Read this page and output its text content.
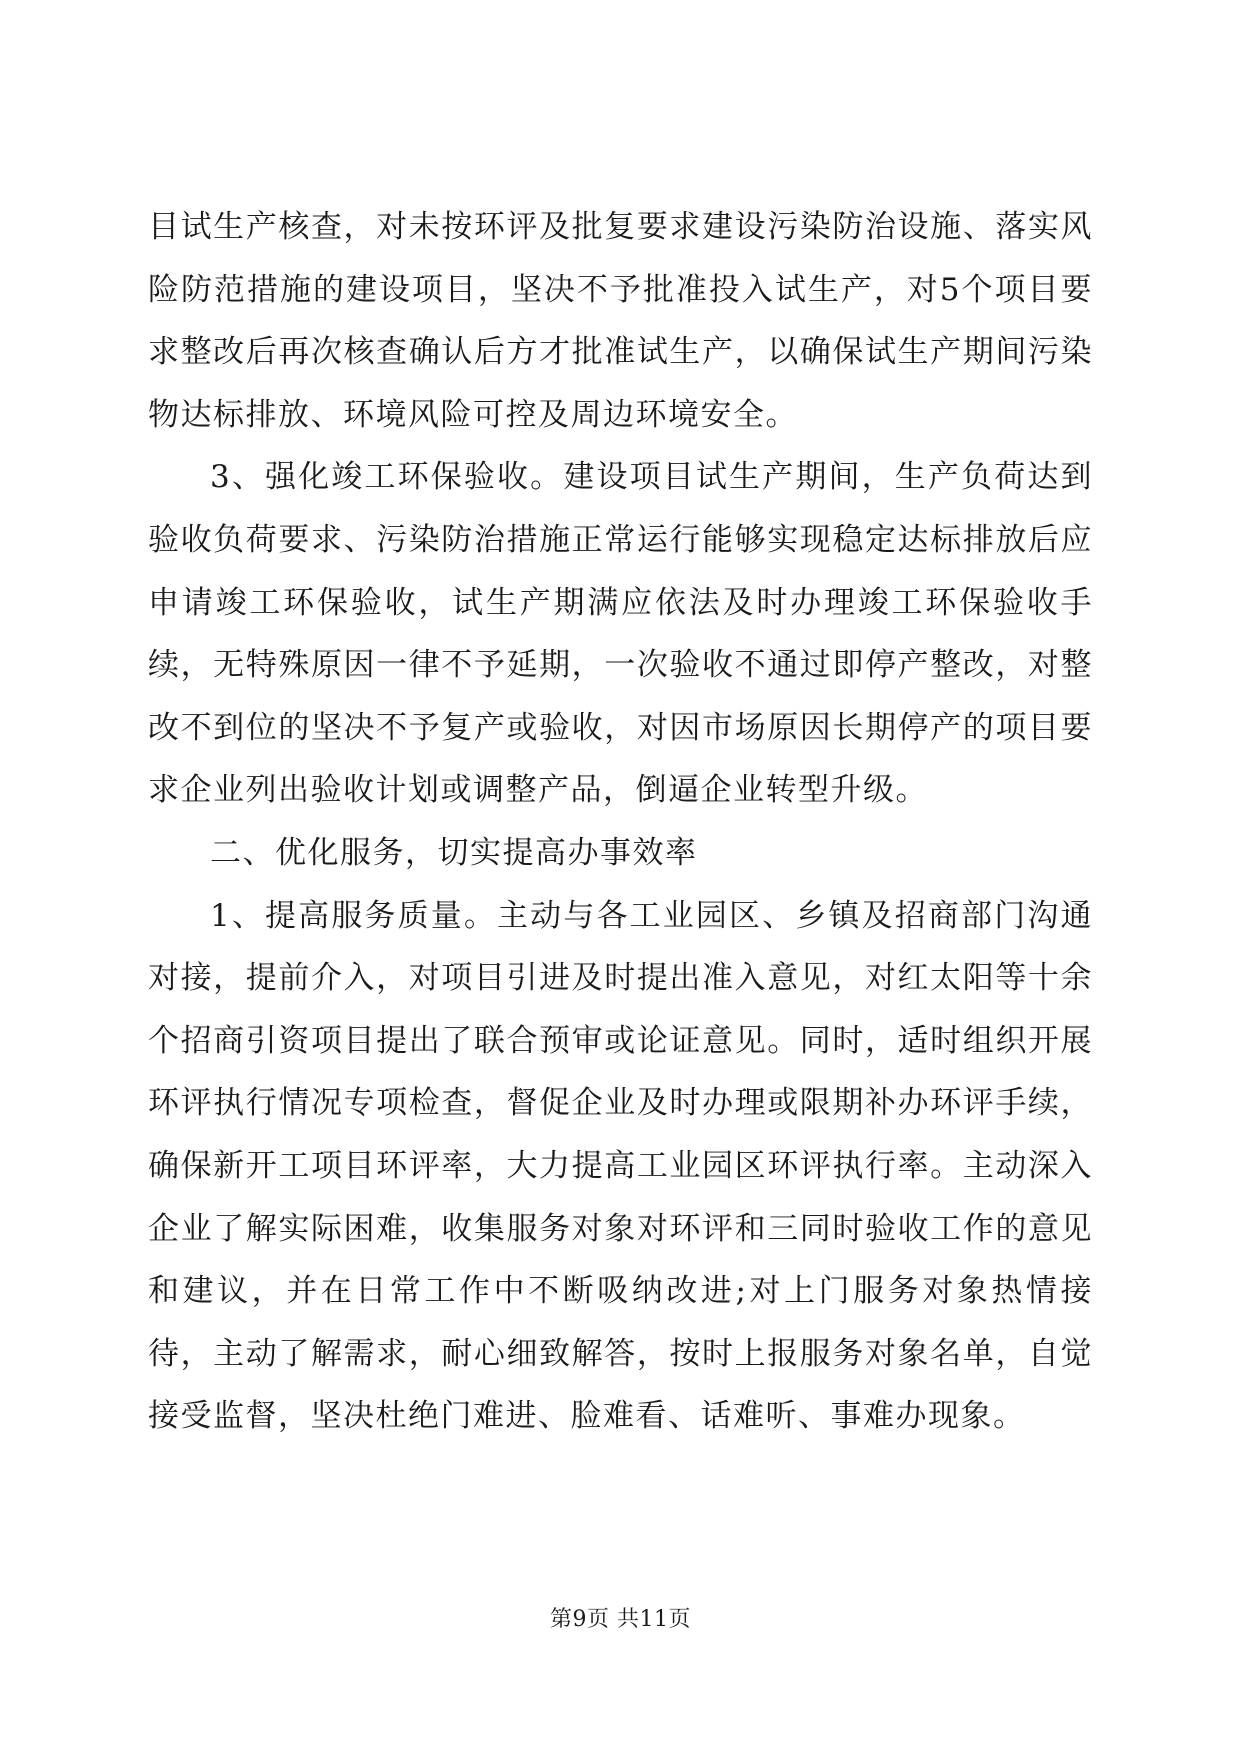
目试生产核查，对未按环评及批复要求建设污染防治设施、落实风险防范措施的建设项目，坚决不予批准投入试生产，对5个项目要求整改后再次核查确认后方才批准试生产，以确保试生产期间污染物达标排放、环境风险可控及周边环境安全。

3、强化竣工环保验收。建设项目试生产期间，生产负荷达到验收负荷要求、污染防治措施正常运行能够实现稳定达标排放后应申请竣工环保验收，试生产期满应依法及时办理竣工环保验收手续，无特殊原因一律不予延期，一次验收不通过即停产整改，对整改不到位的坚决不予复产或验收，对因市场原因长期停产的项目要求企业列出验收计划或调整产品，倒逼企业转型升级。

二、优化服务，切实提高办事效率

1、提高服务质量。主动与各工业园区、乡镇及招商部门沟通对接，提前介入，对项目引进及时提出准入意见，对红太阳等十余个招商引资项目提出了联合预审或论证意见。同时，适时组织开展环评执行情况专项检查，督促企业及时办理或限期补办环评手续，确保新开工项目环评率，大力提高工业园区环评执行率。主动深入企业了解实际困难，收集服务对象对环评和三同时验收工作的意见和建议，并在日常工作中不断吸纳改进;对上门服务对象热情接待，主动了解需求，耐心细致解答，按时上报服务对象名单，自觉接受监督，坚决杜绝门难进、脸难看、话难听、事难办现象。

第9页 共11页
